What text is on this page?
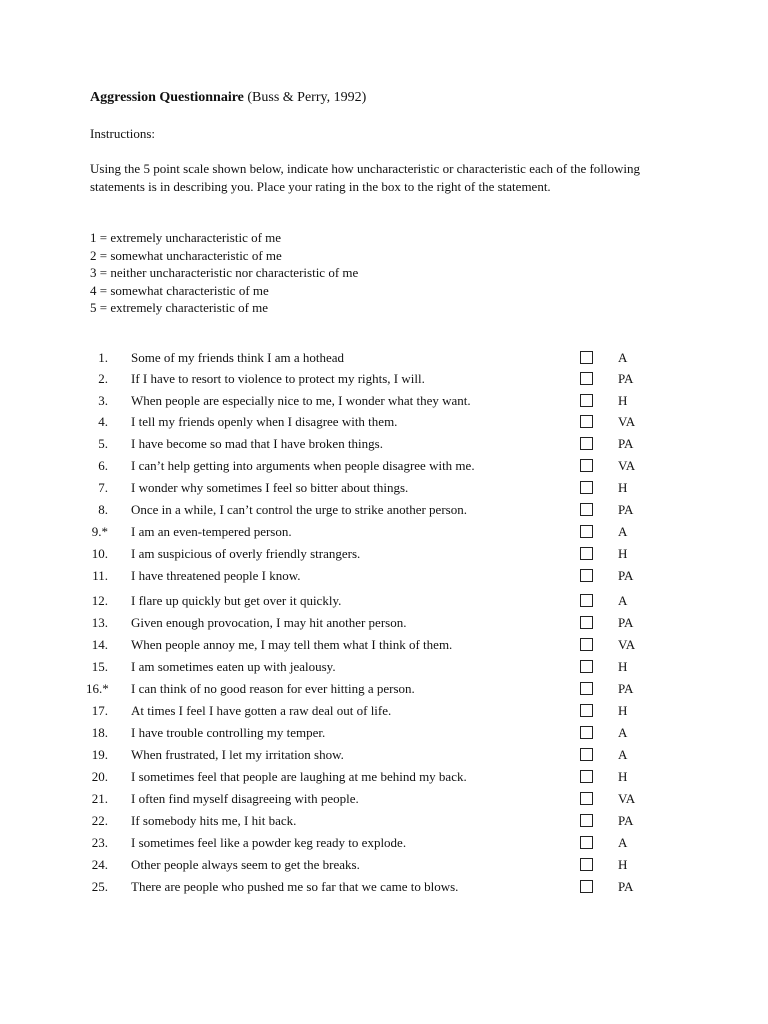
Aggression Questionnaire (Buss & Perry, 1992)
Instructions:
Using the 5 point scale shown below, indicate how uncharacteristic or characteristic each of the following statements is in describing you. Place your rating in the box to the right of the statement.
1 = extremely uncharacteristic of me
2 = somewhat uncharacteristic of me
3 = neither uncharacteristic nor characteristic of me
4 = somewhat characteristic of me
5 = extremely characteristic of me
1. Some of my friends think I am a hothead	A
2. If I have to resort to violence to protect my rights, I will.	PA
3. When people are especially nice to me, I wonder what they want.	H
4. I tell my friends openly when I disagree with them.	VA
5. I have become so mad that I have broken things.	PA
6. I can’t help getting into arguments when people disagree with me.	VA
7. I wonder why sometimes I feel so bitter about things.	H
8. Once in a while, I can’t control the urge to strike another person.	PA
9.* I am an even-tempered person.	A
10. I am suspicious of overly friendly strangers.	H
11. I have threatened people I know.	PA
12. I flare up quickly but get over it quickly.	A
13. Given enough provocation, I may hit another person.	PA
14. When people annoy me, I may tell them what I think of them.	VA
15. I am sometimes eaten up with jealousy.	H
16.* I can think of no good reason for ever hitting a person.	PA
17. At times I feel I have gotten a raw deal out of life.	H
18. I have trouble controlling my temper.	A
19. When frustrated, I let my irritation show.	A
20. I sometimes feel that people are laughing at me behind my back.	H
21. I often find myself disagreeing with people.	VA
22. If somebody hits me, I hit back.	PA
23. I sometimes feel like a powder keg ready to explode.	A
24. Other people always seem to get the breaks.	H
25. There are people who pushed me so far that we came to blows.	PA
